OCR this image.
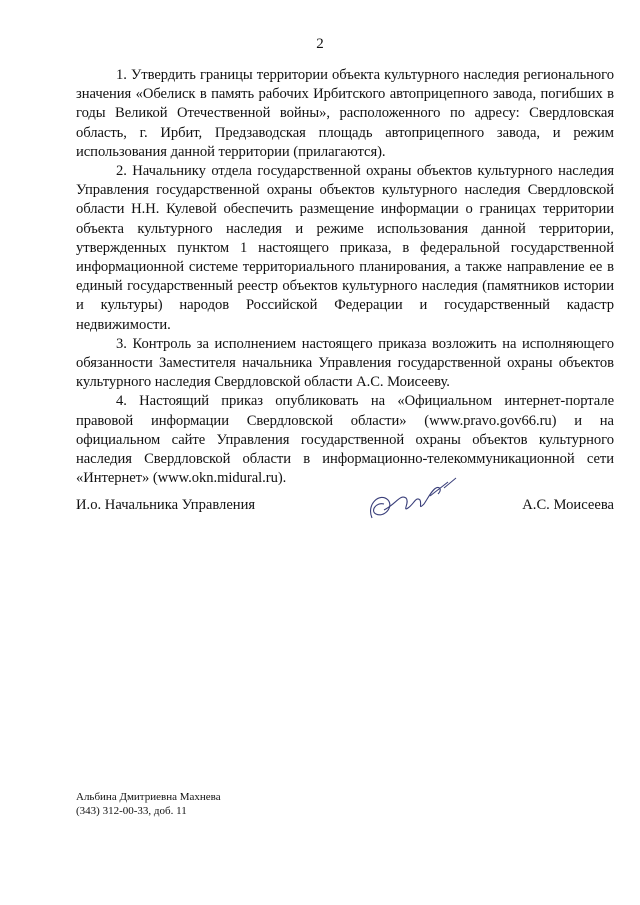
2

1. Утвердить границы территории объекта культурного наследия регионального значения «Обелиск в память рабочих Ирбитского автоприцепного завода, погибших в годы Великой Отечественной войны», расположенного по адресу: Свердловская область, г. Ирбит, Предзаводская площадь автоприцепного завода, и режим использования данной территории (прилагаются).

2. Начальнику отдела государственной охраны объектов культурного наследия Управления государственной охраны объектов культурного наследия Свердловской области Н.Н. Кулевой обеспечить размещение информации о границах территории объекта культурного наследия и режиме использования данной территории, утвержденных пунктом 1 настоящего приказа, в федеральной государственной информационной системе территориального планирования, а также направление ее в единый государственный реестр объектов культурного наследия (памятников истории и культуры) народов Российской Федерации и государственный кадастр недвижимости.

3. Контроль за исполнением настоящего приказа возложить на исполняющего обязанности Заместителя начальника Управления государственной охраны объектов культурного наследия Свердловской области А.С. Моисееву.

4. Настоящий приказ опубликовать на «Официальном интернет-портале правовой информации Свердловской области» (www.pravo.gov66.ru) и на официальном сайте Управления государственной охраны объектов культурного наследия Свердловской области в информационно-телекоммуникационной сети «Интернет» (www.okn.midural.ru).

И.о. Начальника Управления	А.С. Моисеева
Альбина Дмитриевна Махнева
(343) 312-00-33, доб. 11
